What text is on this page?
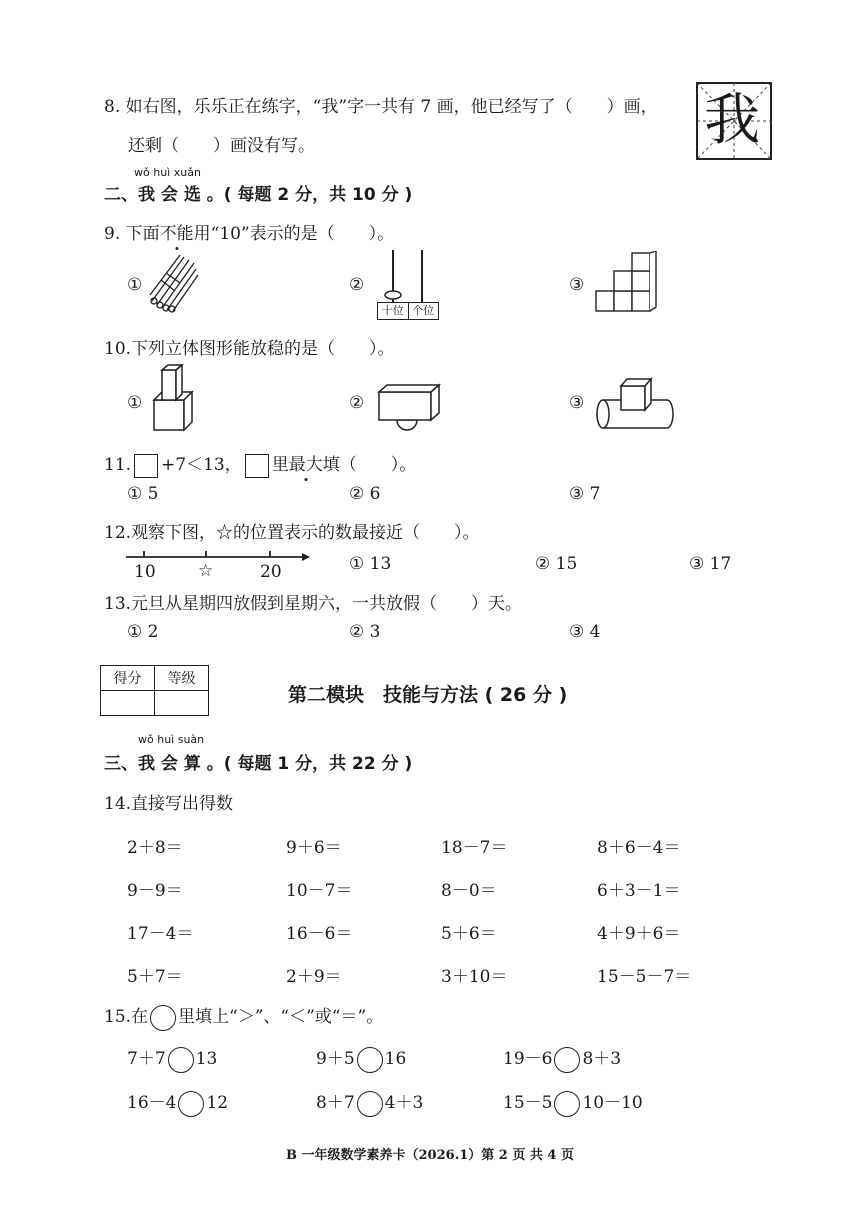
8. 如右图，乐乐正在练字，“我”字一共有 7 画，他已经写了（　　）画，
还剩（　　）画没有写。	我
wǒ huì xuǎn
二、我 会 选 。( 每题 2 分，共 10 分 )
9. 下面不能用“10”表示的是（　　）。
①	②
十位 个位
③
10.下列立体图形能放稳的是（　　）。
①	②	③
11. +7＜13， 里最大填（　　）。
① 5	② 6	③ 7
12.观察下图，☆的位置表示的数最接近（　　）。
10 ☆	20	① 13	② 15	③ 17
13.元旦从星期四放假到星期六，一共放假（　　）天。
① 2	② 3	③ 4
得分	等级

第二模块　技能与方法 ( 26 分 )
wǒ huì suàn
三、我 会 算 。( 每题 1 分，共 22 分 )
14.直接写出得数
2＋8＝	9＋6＝	18－7＝	8＋6－4＝
9－9＝	10－7＝	8－0＝	6＋3－1＝
17－4＝	16－6＝	5＋6＝	4＋9＋6＝
5＋7＝	2＋9＝	3＋10＝	15－5－7＝
15.在 里填上“＞”、“＜”或“＝”。
7＋7 13	9＋5 16	19－6 8＋3
16－4 12	8＋7 4＋3	15－5 10－10
B 一年级数学素养卡（2026.1）第 2 页 共 4 页
